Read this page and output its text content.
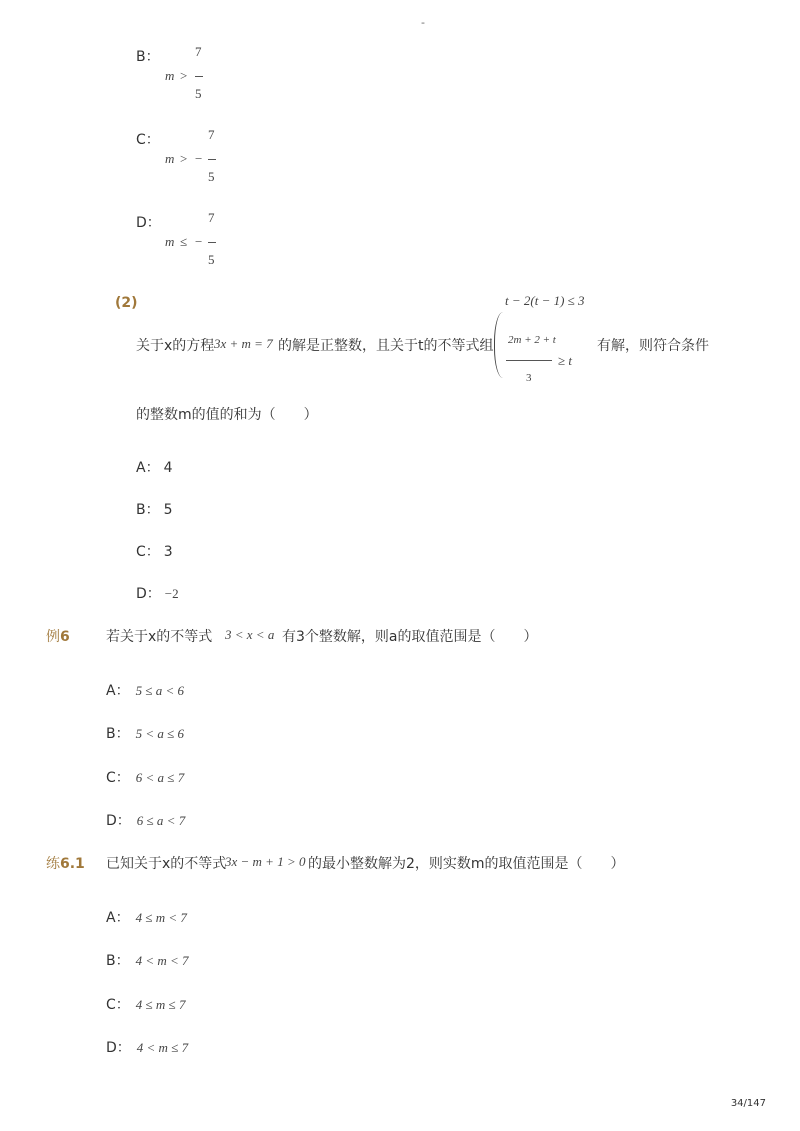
-
B：	7
m >
5
C：	7
m > −
5
D：	7
m ≤ −
5
(2)	t − 2(t − 1) ≤ 3
关于x的方程 3x + m = 7 的解是正整数，且关于t的不等式组 2m + 2 + t
3
≥ t
有解，则符合条件
的整数m的值的和为（　　）
A： 4
B： 5
C： 3
D： −2
例6	若关于x的不等式 3 < x < a 有3个整数解，则a的取值范围是（　　）
A： 5 ≤ a < 6
B： 5 < a ≤ 6
C： 6 < a ≤ 7
D： 6 ≤ a < 7
练6.1 已知关于x的不等式
3x − m + 1 > 0 的最小整数解为2，则实数m的取值范围是（　　）
A： 4 ≤ m < 7
B： 4 < m < 7
C： 4 ≤ m ≤ 7
D： 4 < m ≤ 7
34/147
